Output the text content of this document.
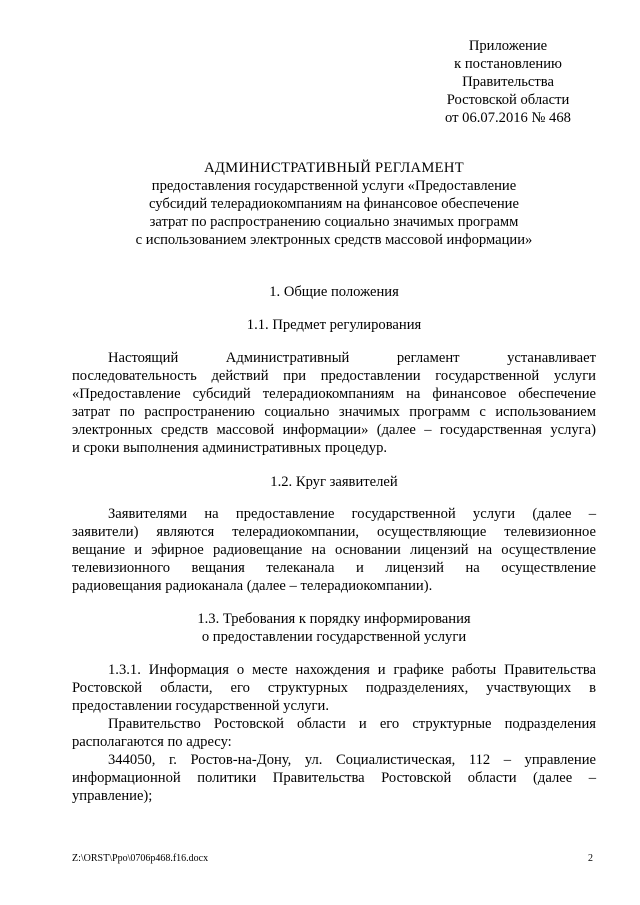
Приложение
к постановлению
Правительства
Ростовской области
от 06.07.2016 № 468
АДМИНИСТРАТИВНЫЙ РЕГЛАМЕНТ
предоставления государственной услуги «Предоставление
субсидий телерадиокомпаниям на финансовое обеспечение
затрат по распространению социально значимых программ
с использованием электронных средств массовой информации»
1. Общие положения
1.1. Предмет регулирования
Настоящий Административный регламент устанавливает
последовательность действий при предоставлении государственной услуги
«Предоставление субсидий телерадиокомпаниям на финансовое обеспечение
затрат по распространению социально значимых программ с использованием
электронных средств массовой информации» (далее – государственная услуга)
и сроки выполнения административных процедур.
1.2. Круг заявителей
Заявителями на предоставление государственной услуги (далее –
заявители) являются телерадиокомпании, осуществляющие телевизионное
вещание и эфирное радиовещание на основании лицензий на осуществление
телевизионного вещания телеканала и лицензий на осуществление
радиовещания радиоканала (далее – телерадиокомпании).
1.3. Требования к порядку информирования
о предоставлении государственной услуги
1.3.1. Информация о месте нахождения и графике работы Правительства
Ростовской области, его структурных подразделениях, участвующих в
предоставлении государственной услуги.
Правительство Ростовской области и его структурные подразделения
располагаются по адресу:
344050, г. Ростов-на-Дону, ул. Социалистическая, 112 – управление
информационной политики Правительства Ростовской области (далее –
управление);
Z:\ORST\Ppo\0706p468.f16.docx	2
